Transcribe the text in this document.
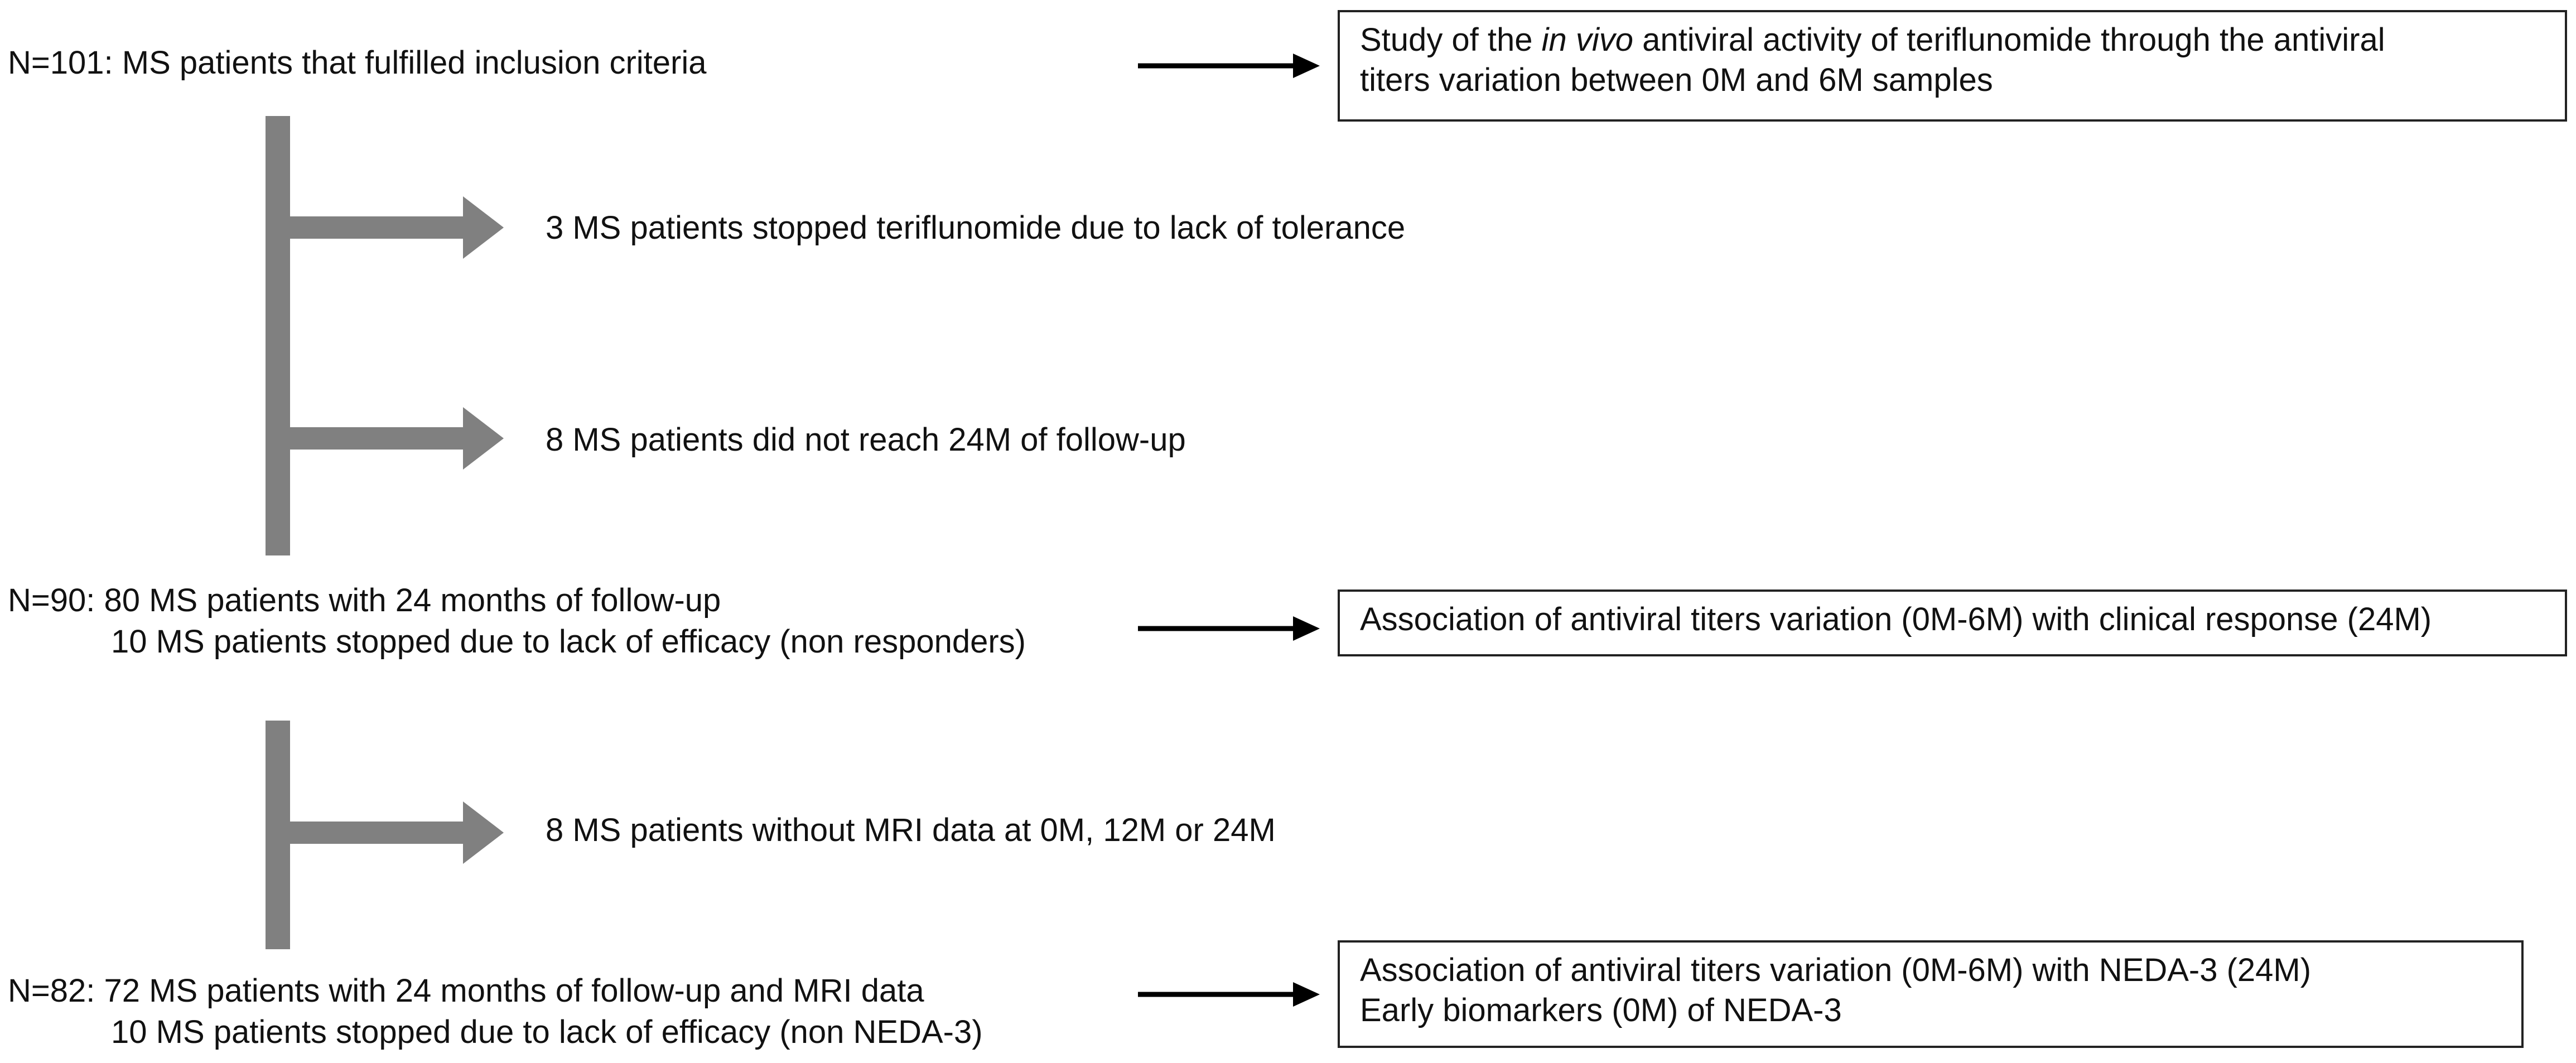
N=101: MS patients that fulfilled inclusion criteria
3 MS patients stopped teriflunomide due to lack of tolerance
8 MS patients did not reach 24M of follow-up
8 MS patients without MRI data at 0M, 12M or 24M
N=90: 80 MS patients with 24 months of follow-up
10 MS patients stopped due to lack of efficacy (non responders)
N=82: 72 MS patients with 24 months of follow-up and MRI data
10 MS patients stopped due to lack of efficacy (non NEDA-3)
Study of the in vivo antiviral activity of teriflunomide through the antiviral
titers variation between 0M and 6M samples
Association of antiviral titers variation (0M-6M) with clinical response (24M)
Association of antiviral titers variation (0M-6M) with NEDA-3 (24M)
Early biomarkers (0M) of NEDA-3
